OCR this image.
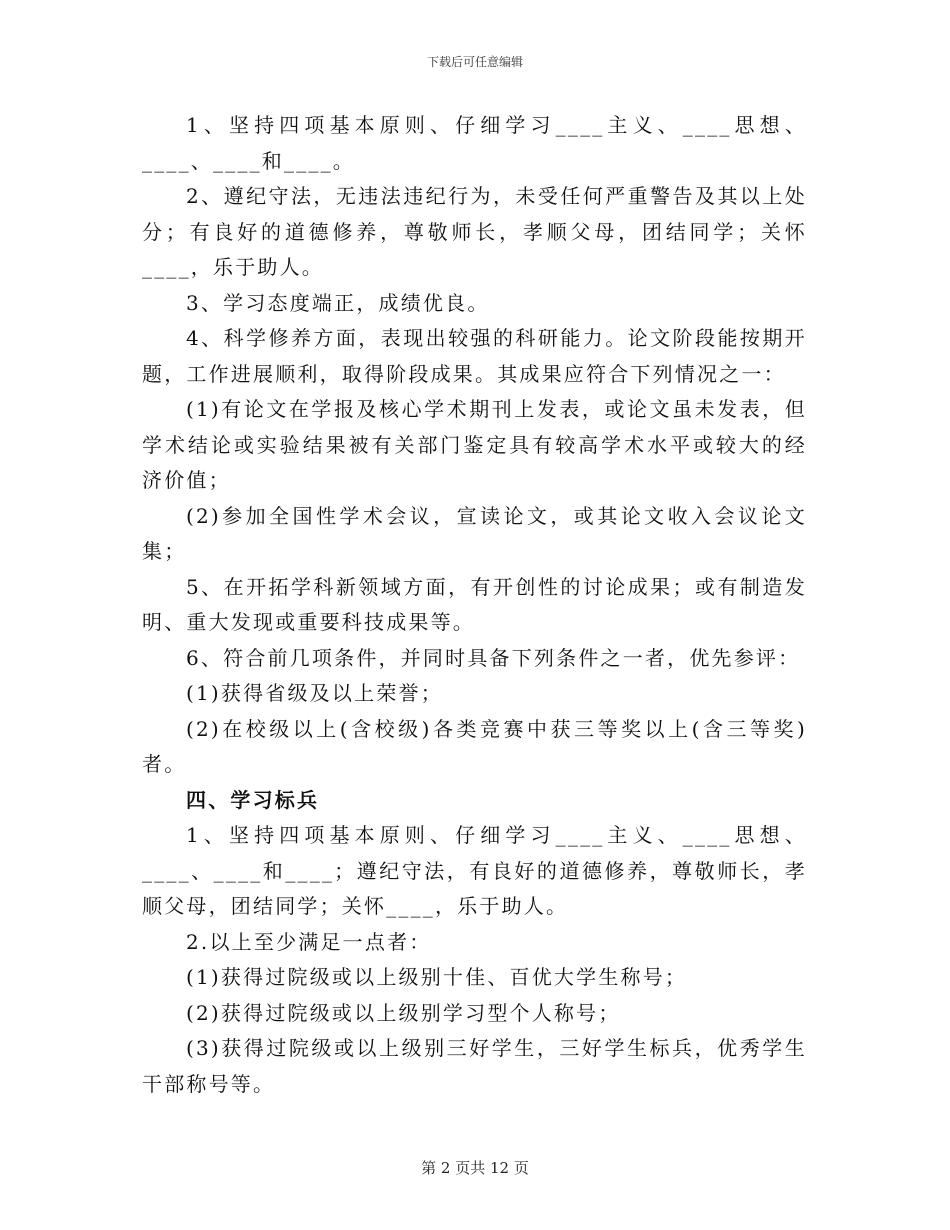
下载后可任意编辑

1、坚持四项基本原则、仔细学习____主义、____思想、____、____和____。

2、遵纪守法，无违法违纪行为，未受任何严重警告及其以上处分；有良好的道德修养，尊敬师长，孝顺父母，团结同学；关怀____，乐于助人。

3、学习态度端正，成绩优良。

4、科学修养方面，表现出较强的科研能力。论文阶段能按期开题，工作进展顺利，取得阶段成果。其成果应符合下列情况之一：

(1)有论文在学报及核心学术期刊上发表，或论文虽未发表，但学术结论或实验结果被有关部门鉴定具有较高学术水平或较大的经济价值；

(2)参加全国性学术会议，宣读论文，或其论文收入会议论文集；

5、在开拓学科新领域方面，有开创性的讨论成果；或有制造发明、重大发现或重要科技成果等。

6、符合前几项条件，并同时具备下列条件之一者，优先参评：

(1)获得省级及以上荣誉；

(2)在校级以上(含校级)各类竞赛中获三等奖以上(含三等奖)者。

四、学习标兵

1、坚持四项基本原则、仔细学习____主义、____思想、____、____和____；遵纪守法，有良好的道德修养，尊敬师长，孝顺父母，团结同学；关怀____，乐于助人。

2.以上至少满足一点者：

(1)获得过院级或以上级别十佳、百优大学生称号；

(2)获得过院级或以上级别学习型个人称号；

(3)获得过院级或以上级别三好学生，三好学生标兵，优秀学生干部称号等。

第 2 页共 12 页
